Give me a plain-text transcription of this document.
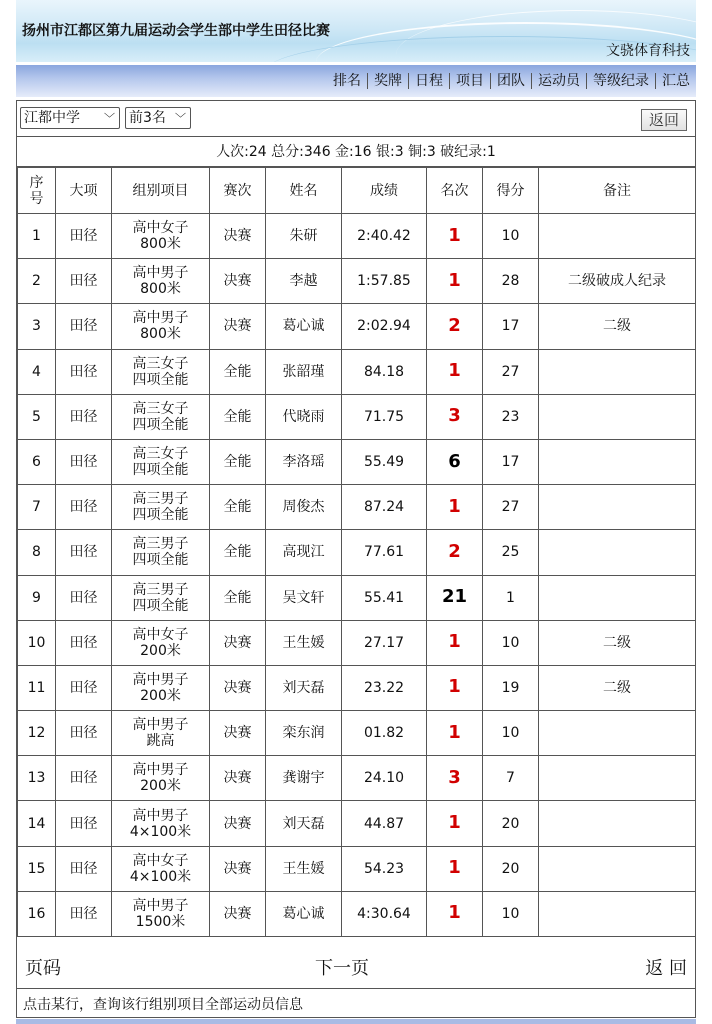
扬州市江都区第九届运动会学生部中学生田径比赛
文骁体育科技
排名 奖牌 日程 项目 团队 运动员 等级纪录 汇总
江都中学 ﹀ 前3名 ﹀	返回
人次:24 总分:346 金:16 银:3 铜:3 破纪录:1
序
号	大项	组别项目	赛次	姓名	成绩	名次	得分	备注
1	田径	高中女子
800米	决赛	朱研	2:40.42	1	10	
2	田径	高中男子
800米	决赛	李越	1:57.85	1	28	二级破成人纪录
3	田径	高中男子
800米	决赛	葛心诚	2:02.94	2	17	二级
4	田径	高三女子
四项全能	全能	张韶瑾	84.18	1	27	
5	田径	高三女子
四项全能	全能	代晓雨	71.75	3	23	
6	田径	高三女子
四项全能	全能	李洛瑶	55.49	6	17	
7	田径	高三男子
四项全能	全能	周俊杰	87.24	1	27	
8	田径	高三男子
四项全能	全能	高现江	77.61	2	25	
9	田径	高三男子
四项全能	全能	吴文轩	55.41	21	1	
10	田径	高中女子
200米	决赛	王生媛	27.17	1	10	二级
11	田径	高中男子
200米	决赛	刘天磊	23.22	1	19	二级
12	田径	高中男子
跳高	决赛	栾东润	01.82	1	10	
13	田径	高中男子
200米	决赛	龚谢宇	24.10	3	7	
14	田径	高中男子
4×100米	决赛	刘天磊	44.87	1	20	
15	田径	高中女子
4×100米	决赛	王生媛	54.23	1	20	
16	田径	高中男子
1500米	决赛	葛心诚	4:30.64	1	10	
页码	下一页	返 回
点击某行，查询该行组别项目全部运动员信息
